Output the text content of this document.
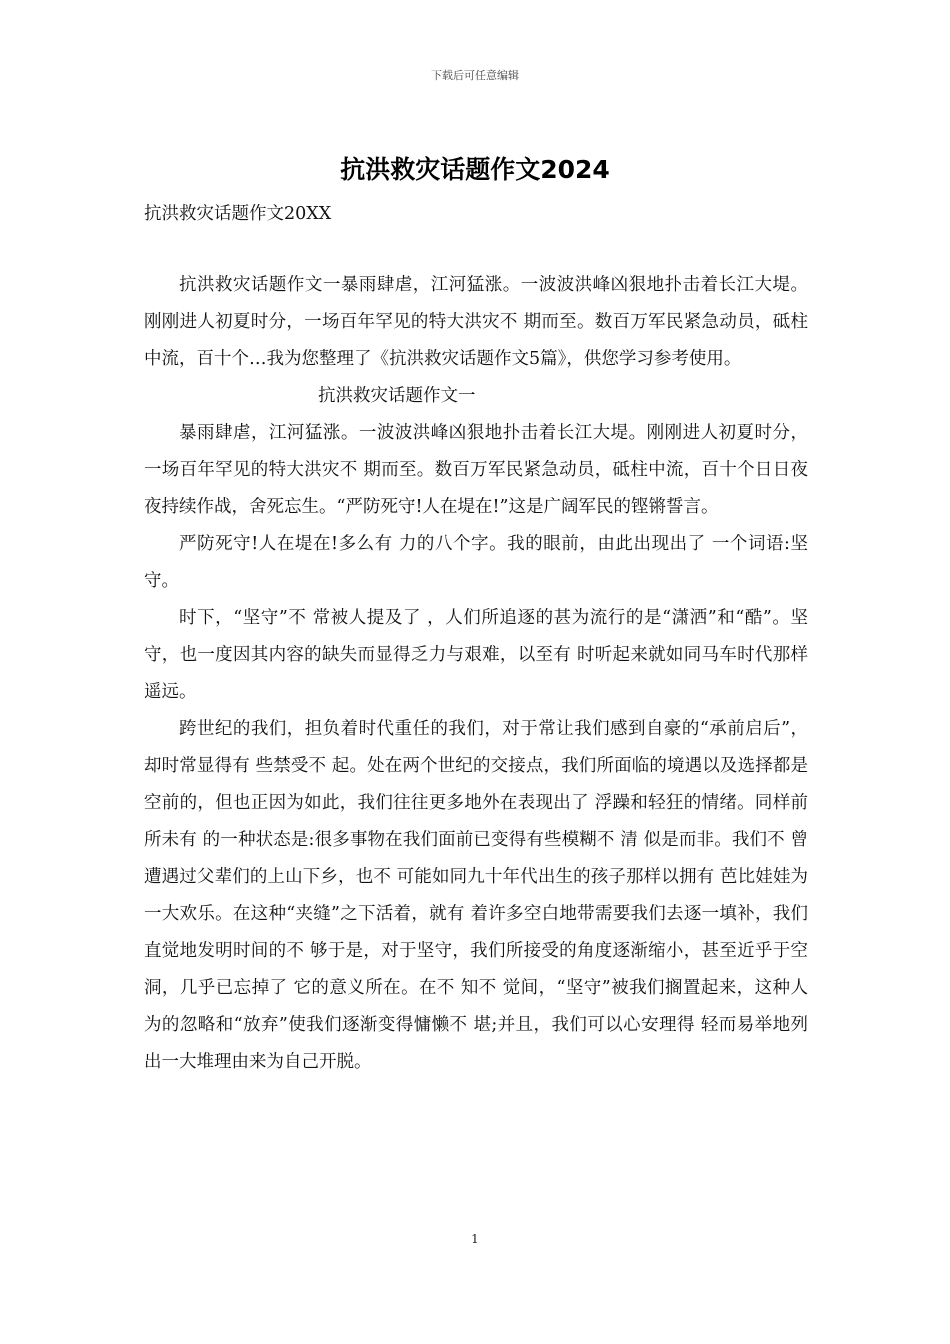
下载后可任意编辑
抗洪救灾话题作文2024
抗洪救灾话题作文20XX

抗洪救灾话题作文一暴雨肆虐，江河猛涨。一波波洪峰凶狠地扑击着长江大堤。刚刚进人初夏时分，一场百年罕见的特大洪灾不 期而至。数百万军民紧急动员，砥柱中流，百十个…我为您整理了《抗洪救灾话题作文5篇》，供您学习参考使用。

抗洪救灾话题作文一

暴雨肆虐，江河猛涨。一波波洪峰凶狠地扑击着长江大堤。刚刚进人初夏时分，一场百年罕见的特大洪灾不 期而至。数百万军民紧急动员，砥柱中流，百十个日日夜夜持续作战，舍死忘生。“严防死守!人在堤在!”这是广阔军民的铿锵誓言。

严防死守!人在堤在!多么有 力的八个字。我的眼前，由此出现出了 一个词语:坚守。

时下，“坚守”不 常被人提及了 ，人们所追逐的甚为流行的是“潇洒”和“酷”。坚守，也一度因其内容的缺失而显得乏力与艰难，以至有 时听起来就如同马车时代那样遥远。

跨世纪的我们，担负着时代重任的我们，对于常让我们感到自豪的“承前启后”，却时常显得有 些禁受不 起。处在两个世纪的交接点，我们所面临的境遇以及选择都是空前的，但也正因为如此，我们往往更多地外在表现出了 浮躁和轻狂的情绪。同样前所未有 的一种状态是:很多事物在我们面前已变得有些模糊不 清 似是而非。我们不 曾遭遇过父辈们的上山下乡，也不 可能如同九十年代出生的孩子那样以拥有 芭比娃娃为一大欢乐。在这种“夹缝”之下活着，就有 着许多空白地带需要我们去逐一填补，我们直觉地发明时间的不 够于是，对于坚守，我们所接受的角度逐渐缩小，甚至近乎于空洞，几乎已忘掉了 它的意义所在。在不 知不 觉间，“坚守”被我们搁置起来，这种人为的忽略和“放弃”使我们逐渐变得慵懒不 堪;并且，我们可以心安理得 轻而易举地列出一大堆理由来为自己开脱。

1
